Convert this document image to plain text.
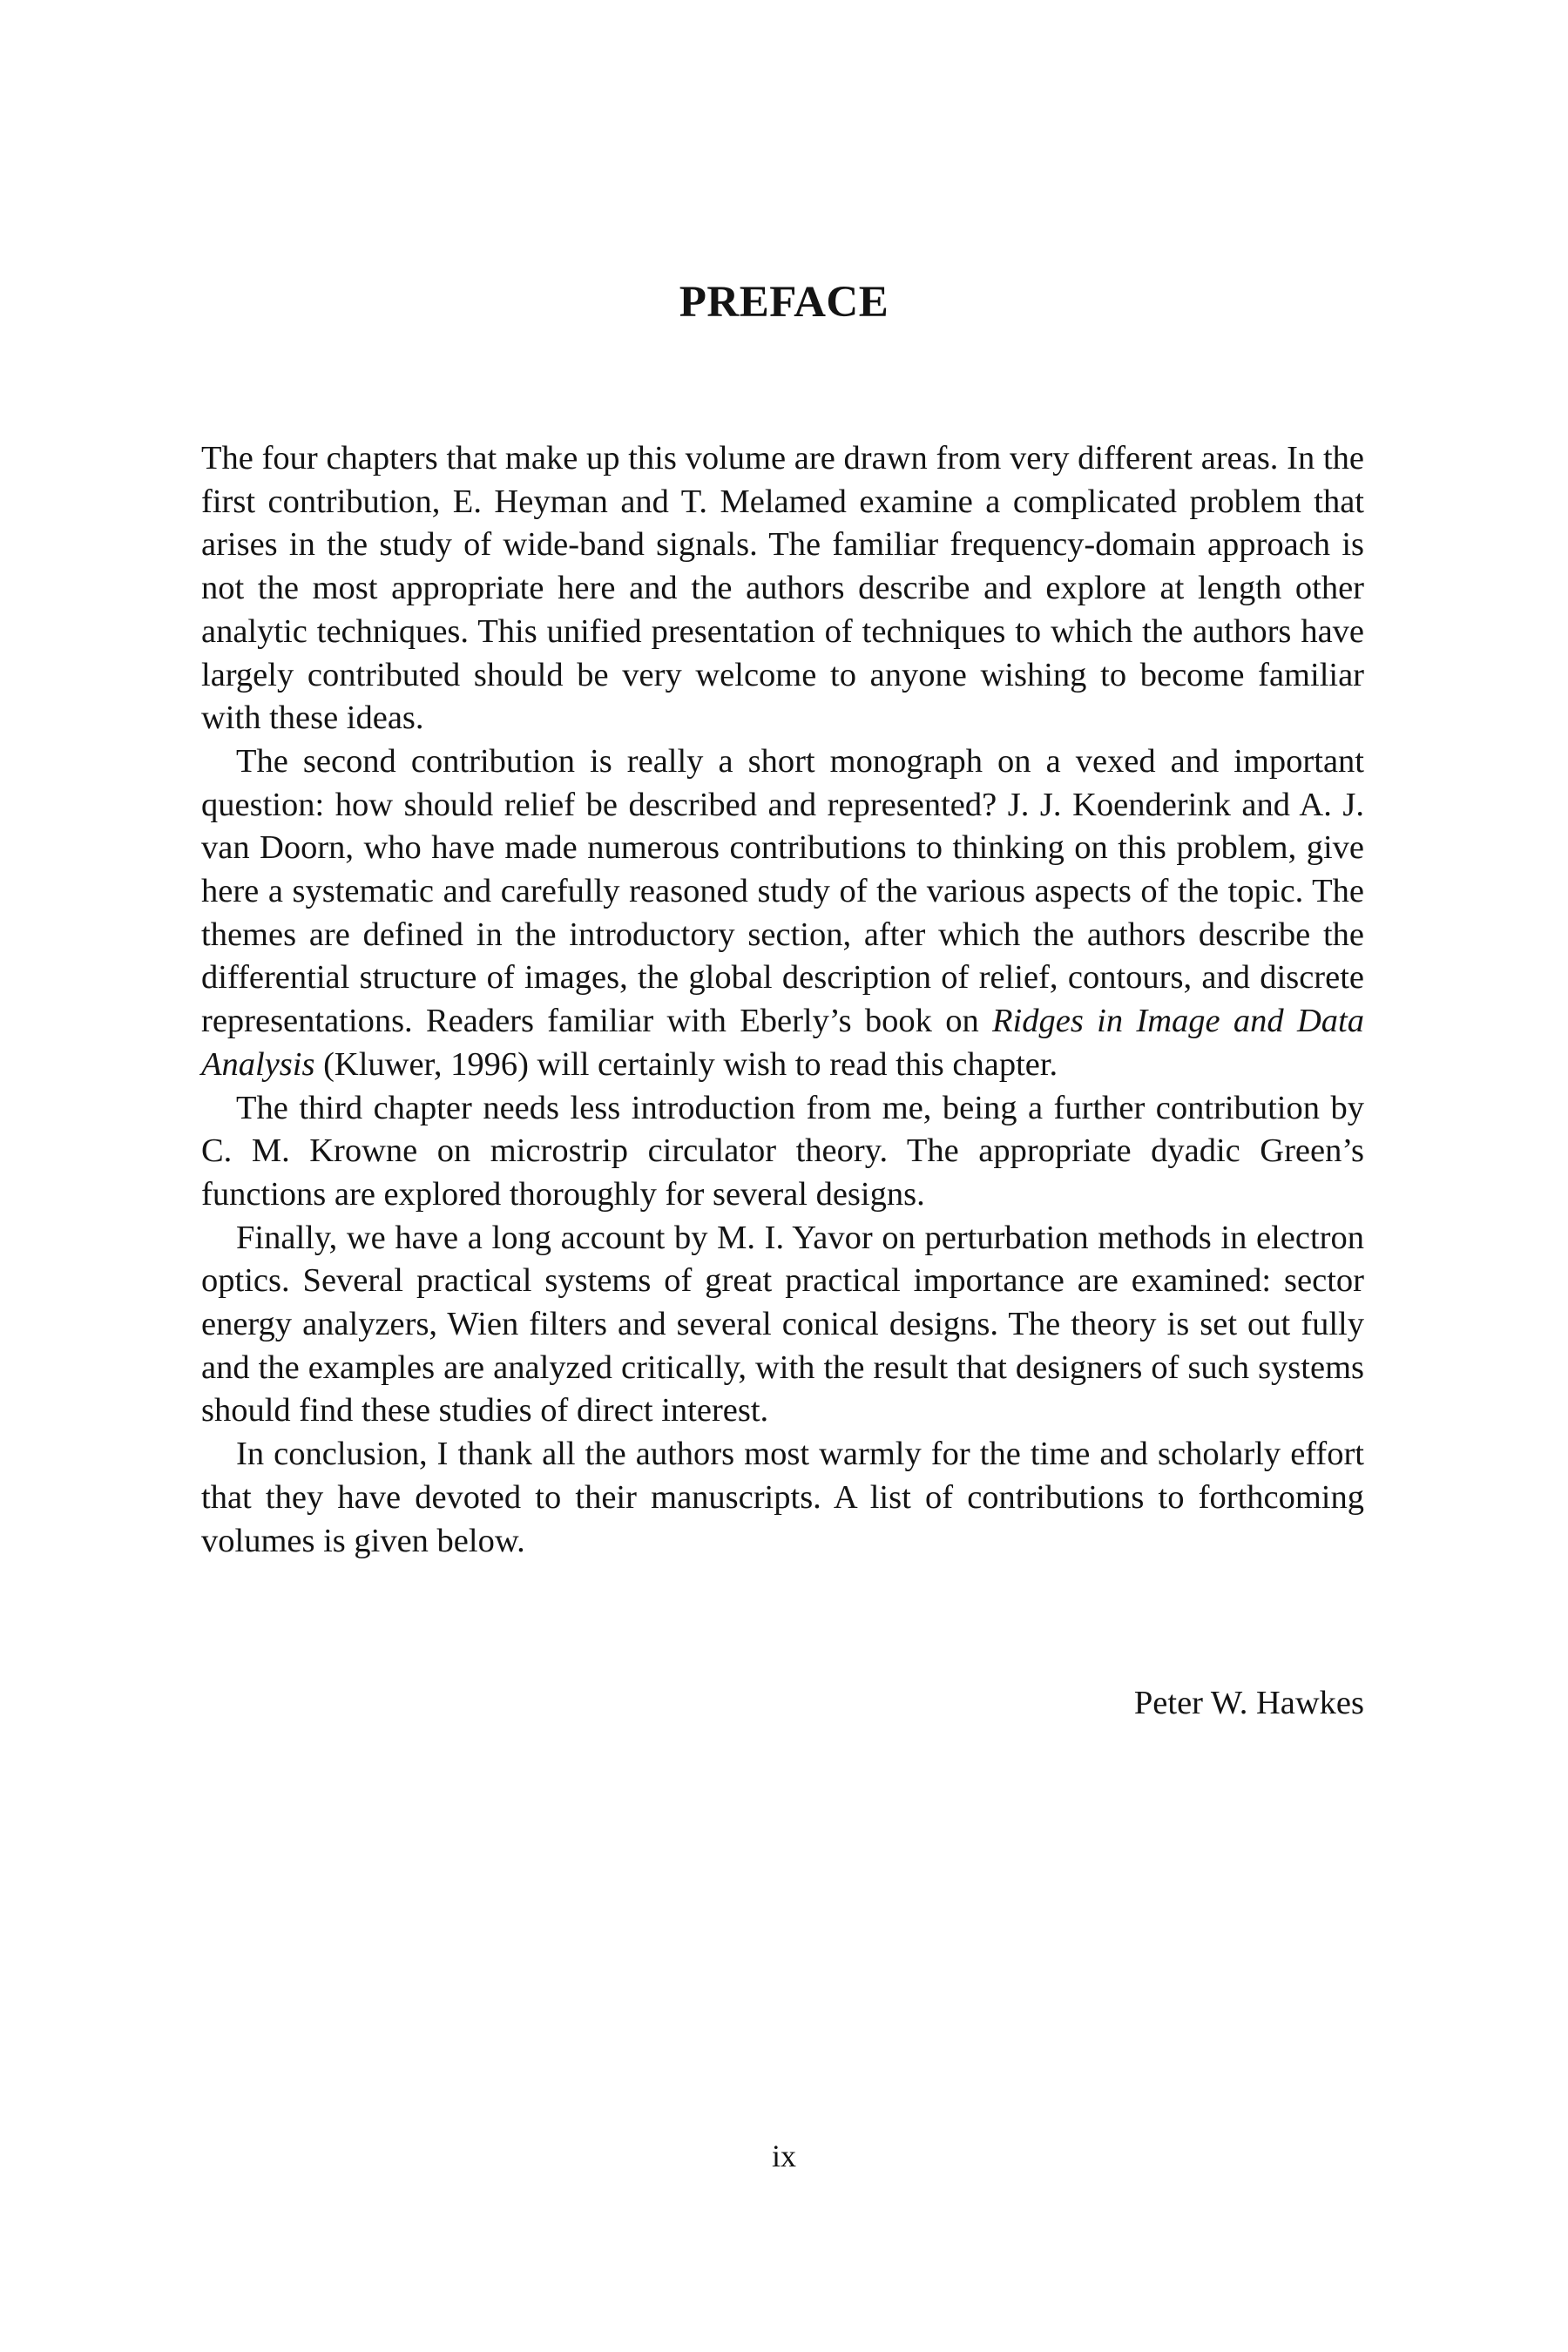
PREFACE

The four chapters that make up this volume are drawn from very different areas. In the first contribution, E. Heyman and T. Melamed examine a complicated problem that arises in the study of wide-band signals. The familiar frequency-domain approach is not the most appropriate here and the authors describe and explore at length other analytic techniques. This unified presentation of techniques to which the authors have largely contributed should be very welcome to anyone wishing to become familiar with these ideas.

The second contribution is really a short monograph on a vexed and important question: how should relief be described and represented? J. J. Koenderink and A. J. van Doorn, who have made numerous contributions to thinking on this problem, give here a systematic and carefully reasoned study of the various aspects of the topic. The themes are defined in the introductory section, after which the authors describe the differential structure of images, the global description of relief, contours, and discrete representations. Readers familiar with Eberly’s book on Ridges in Image and Data Analysis (Kluwer, 1996) will certainly wish to read this chapter.

The third chapter needs less introduction from me, being a further contribution by C. M. Krowne on microstrip circulator theory. The appropriate dyadic Green’s functions are explored thoroughly for several designs.

Finally, we have a long account by M. I. Yavor on perturbation methods in electron optics. Several practical systems of great practical importance are examined: sector energy analyzers, Wien filters and several conical designs. The theory is set out fully and the examples are analyzed critically, with the result that designers of such systems should find these studies of direct interest.

In conclusion, I thank all the authors most warmly for the time and scholarly effort that they have devoted to their manuscripts. A list of contributions to forthcoming volumes is given below.

Peter W. Hawkes
ix
